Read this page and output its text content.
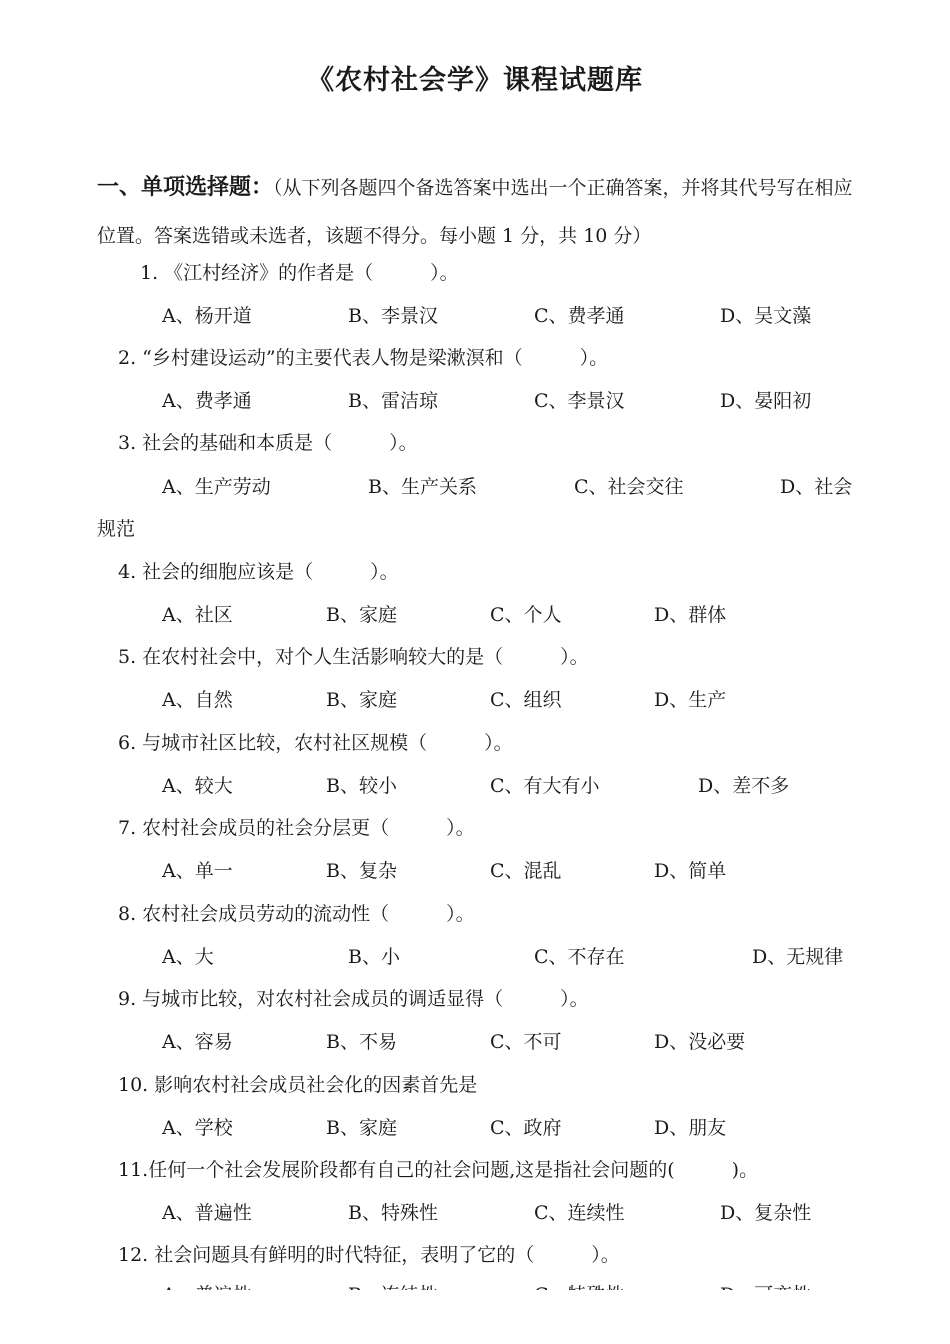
《农村社会学》课程试题库
一、单项选择题：（从下列各题四个备选答案中选出一个正确答案，并将其代号写在相应位置。答案选错或未选者，该题不得分。每小题 1 分，共 10 分）
1. 《江村经济》的作者是（　　　）。
A、杨开道	B、李景汉	C、费孝通	D、吴文藻
2. “乡村建设运动”的主要代表人物是梁漱溟和（　　　）。
A、费孝通	B、雷洁琼	C、李景汉	D、晏阳初
3. 社会的基础和本质是（　　　）。
A、生产劳动	B、生产关系	C、社会交往	D、社会
规范
4. 社会的细胞应该是（　　　）。
A、社区	B、家庭	C、个人	D、群体
5. 在农村社会中，对个人生活影响较大的是（　　　）。
A、自然	B、家庭	C、组织	D、生产
6. 与城市社区比较，农村社区规模（　　　）。
A、较大	B、较小	C、有大有小	D、差不多
7. 农村社会成员的社会分层更（　　　）。
A、单一	B、复杂	C、混乱	D、简单
8. 农村社会成员劳动的流动性（　　　）。
A、大	B、小	C、不存在	D、无规律
9. 与城市比较，对农村社会成员的调适显得（　　　）。
A、容易	B、不易	C、不可	D、没必要
10. 影响农村社会成员社会化的因素首先是
A、学校	B、家庭	C、政府	D、朋友
11.任何一个社会发展阶段都有自己的社会问题,这是指社会问题的(　　　)。
A、普遍性	B、特殊性	C、连续性	D、复杂性
12. 社会问题具有鲜明的时代特征，表明了它的（　　　）。
